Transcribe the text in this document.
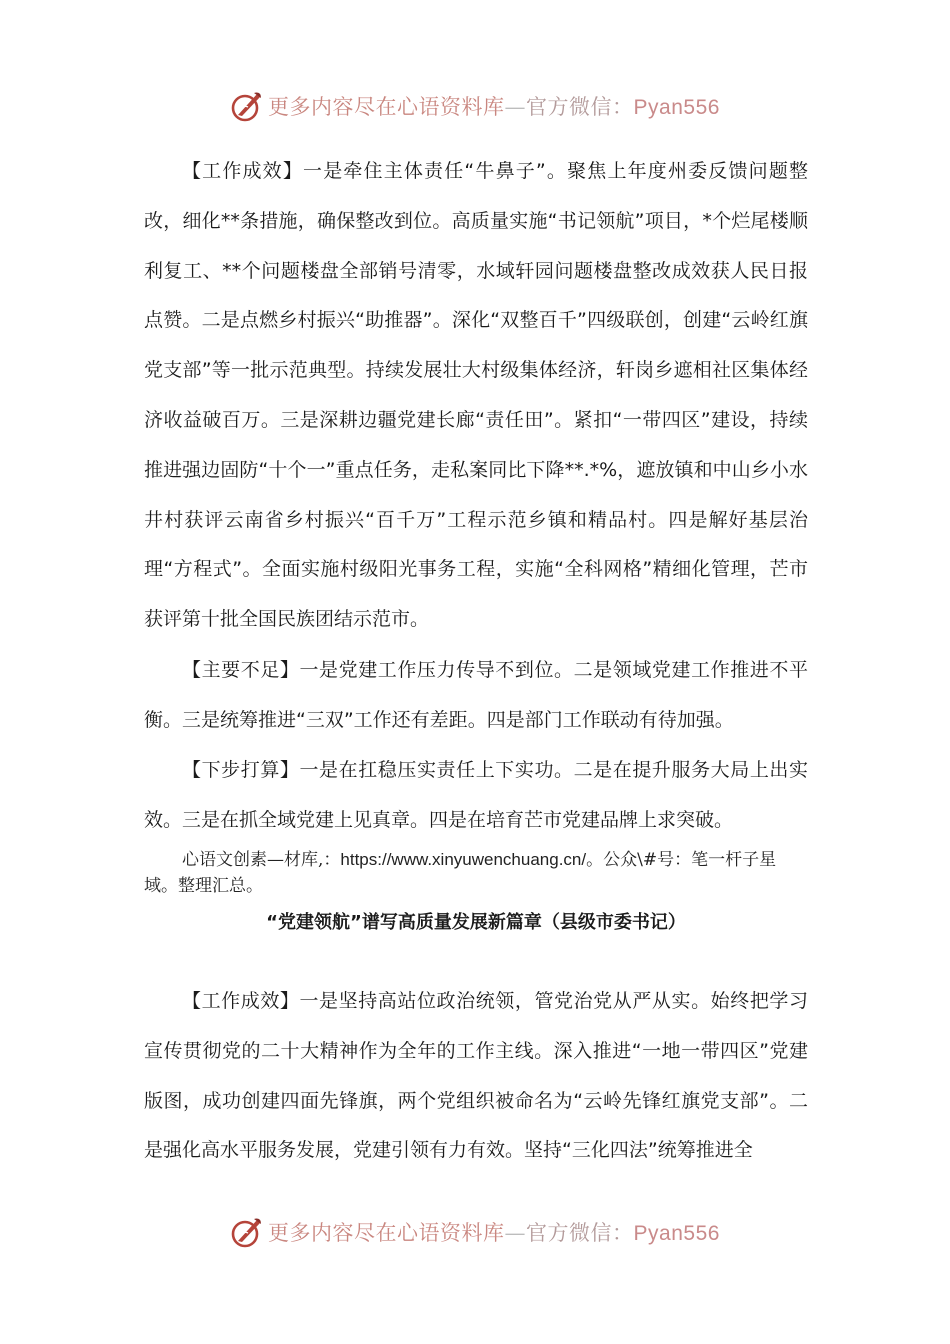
更多内容尽在心语资料库—官方微信：Pyan556

【工作成效】一是牵住主体责任“牛鼻子”。聚焦上年度州委反馈问题整改，细化**条措施，确保整改到位。高质量实施“书记领航”项目，*个烂尾楼顺利复工、**个问题楼盘全部销号清零，水域轩园问题楼盘整改成效获人民日报点赞。二是点燃乡村振兴“助推器”。深化“双整百千”四级联创，创建“云岭红旗党支部”等一批示范典型。持续发展壮大村级集体经济，轩岗乡遮相社区集体经济收益破百万。三是深耕边疆党建长廊“责任田”。紧扣“一带四区”建设，持续推进强边固防“十个一”重点任务，走私案同比下降**.*%，遮放镇和中山乡小水井村获评云南省乡村振兴“百千万”工程示范乡镇和精品村。四是解好基层治理“方程式”。全面实施村级阳光事务工程，实施“全科网格”精细化管理，芒市获评第十批全国民族团结示范市。

【主要不足】一是党建工作压力传导不到位。二是领域党建工作推进不平衡。三是统筹推进“三双”工作还有差距。四是部门工作联动有待加强。

【下步打算】一是在扛稳压实责任上下实功。二是在提升服务大局上出实效。三是在抓全域党建上见真章。四是在培育芒市党建品牌上求突破。

心语文创素—材库,：https://www.xinyuwenchuang.cn/。公众\#号：笔一杆子星域。整理汇总。

“党建领航”谱写高质量发展新篇章（县级市委书记）

【工作成效】一是坚持高站位政治统领，管党治党从严从实。始终把学习宣传贯彻党的二十大精神作为全年的工作主线。深入推进“一地一带四区”党建版图，成功创建四面先锋旗，两个党组织被命名为“云岭先锋红旗党支部”。二是强化高水平服务发展，党建引领有力有效。坚持“三化四法”统筹推进全

更多内容尽在心语资料库—官方微信：Pyan556
